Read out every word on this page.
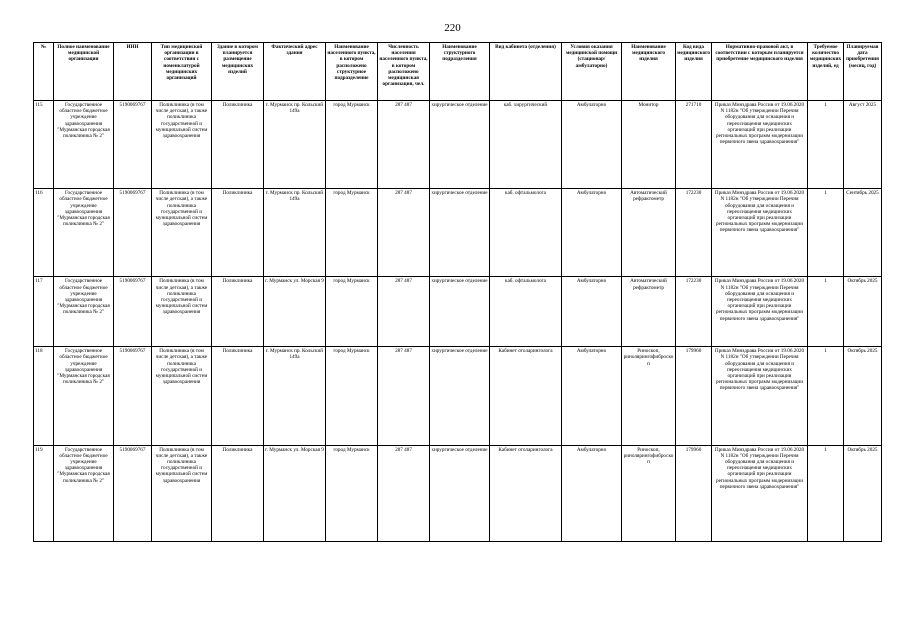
220
№	Полное наименование медицинской организации	ИНН	Тип медицинской организации в соответствии с номенклатурой медицинских организаций	Здание в котором планируется размещение медицинских изделий	Фактический адрес здания	Наименование населенного пункта, в котором расположено структурное подразделение	Численность населения населенного пункта, в котором расположено медицинская организация, чел.	Наименование структурного подразделения	Вид кабинета (отделения)	Условия оказания медицинской помощи (стационар/амбулаторно)	Наименование медицинского изделия	Код вида медицинского изделия	Нормативно-правовой акт, в соответствии с которым планируется приобретение медицинского изделия	Требуемое количество медицинских изделий, ед	Планируемая дата приобретения (месяц, год)
115	Государственное областное бюджетное учреждение здравоохранения "Мурманская городская поликлиника № 2"	5190069767	Поликлиника (в том числе детская), а также поликлиника государственной и муниципальной систем здравоохранения	Поликлиника	г. Мурманск пр. Кольский 149а	город Мурманск	287 487	хирургическое отделение	каб. хирургический	Амбулаторно	Монитор	271710	Приказ Минздрава России от 19.06.2020 N 1182н "Об утверждении Перечня оборудования для оснащения и переоснащения медицинских организаций при реализации региональных программ модернизации первичного звена здравоохранения"	1	Август 2025
116	Государственное областное бюджетное учреждение здравоохранения "Мурманская городская поликлиника № 2"	5190069767	Поликлиника (в том числе детская), а также поликлиника государственной и муниципальной систем здравоохранения	Поликлиника	г. Мурманск пр. Кольский 149а	город Мурманск	287 487	хирургическое отделение	каб. офтальмолога	Амбулаторно	Автоматический рефрактометр	172230	Приказ Минздрава России от 19.06.2020 N 1182н "Об утверждении Перечня оборудования для оснащения и переоснащения медицинских организаций при реализации региональных программ модернизации первичного звена здравоохранения"	1	Сентябрь 2025
117	Государственное областное бюджетное учреждение здравоохранения "Мурманская городская поликлиника № 2"	5190069767	Поликлиника (в том числе детская), а также поликлиника государственной и муниципальной систем здравоохранения	Поликлиника	г. Мурманск ул. Морская 9	город Мурманск	287 487	хирургическое отделение	каб. офтальмолога	Амбулаторно	Автоматический рефрактометр	172230	Приказ Минздрава России от 19.06.2020 N 1182н "Об утверждении Перечня оборудования для оснащения и переоснащения медицинских организаций при реализации региональных программ модернизации первичного звена здравоохранения"	1	Октябрь 2025
118	Государственное областное бюджетное учреждение здравоохранения "Мурманская городская поликлиника № 2"	5190069767	Поликлиника (в том числе детская), а также поликлиника государственной и муниципальной систем здравоохранения	Поликлиника	г. Мурманск пр. Кольский 149а	город Мурманск	287 487	хирургическое отделение	Кабинет отоларинголога	Амбулаторно	Риноскоп, ринолярингофиброскоп	179960	Приказ Минздрава России от 19.06.2020 N 1182н "Об утверждении Перечня оборудования для оснащения и переоснащения медицинских организаций при реализации региональных программ модернизации первичного звена здравоохранения"	1	Октябрь 2025
119	Государственное областное бюджетное учреждение здравоохранения "Мурманская городская поликлиника № 2"	5190069767	Поликлиника (в том числе детская), а также поликлиника государственной и муниципальной систем здравоохранения	Поликлиника	г. Мурманск ул. Морская 9	город Мурманск	287 487	хирургическое отделение	Кабинет отоларинголога	Амбулаторно	Риноскоп, ринолярингофиброскоп	179960	Приказ Минздрава России от 19.06.2020 N 1182н "Об утверждении Перечня оборудования для оснащения и переоснащения медицинских организаций при реализации региональных программ модернизации первичного звена здравоохранения"	1	Октябрь 2025
